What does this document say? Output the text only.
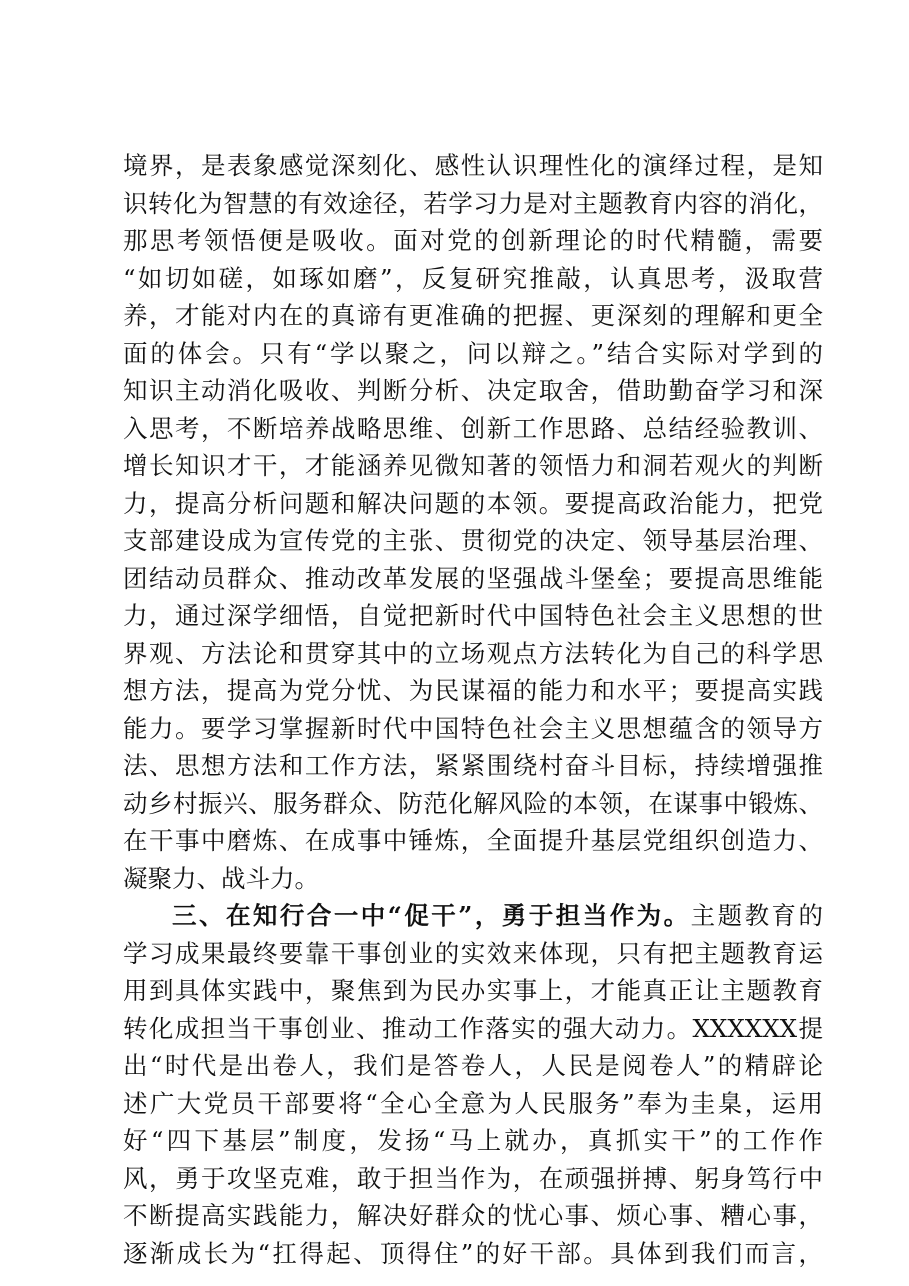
境界，是表象感觉深刻化、感性认识理性化的演绎过程，是知
识转化为智慧的有效途径，若学习力是对主题教育内容的消化，
那思考领悟便是吸收。面对党的创新理论的时代精髓，需要
“如切如磋，如琢如磨”，反复研究推敲，认真思考，汲取营
养，才能对内在的真谛有更准确的把握、更深刻的理解和更全
面的体会。只有“学以聚之，问以辩之。”结合实际对学到的
知识主动消化吸收、判断分析、决定取舍，借助勤奋学习和深
入思考，不断培养战略思维、创新工作思路、总结经验教训、
增长知识才干，才能涵养见微知著的领悟力和洞若观火的判断
力，提高分析问题和解决问题的本领。要提高政治能力，把党
支部建设成为宣传党的主张、贯彻党的决定、领导基层治理、
团结动员群众、推动改革发展的坚强战斗堡垒；要提高思维能
力，通过深学细悟，自觉把新时代中国特色社会主义思想的世
界观、方法论和贯穿其中的立场观点方法转化为自己的科学思
想方法，提高为党分忧、为民谋福的能力和水平；要提高实践
能力。要学习掌握新时代中国特色社会主义思想蕴含的领导方
法、思想方法和工作方法，紧紧围绕村奋斗目标，持续增强推
动乡村振兴、服务群众、防范化解风险的本领，在谋事中锻炼、
在干事中磨炼、在成事中锤炼，全面提升基层党组织创造力、
凝聚力、战斗力。
三、在知行合一中“促干”，勇于担当作为。主题教育的
学习成果最终要靠干事创业的实效来体现，只有把主题教育运
用到具体实践中，聚焦到为民办实事上，才能真正让主题教育
转化成担当干事创业、推动工作落实的强大动力。XXXXXX提
出“时代是出卷人，我们是答卷人，人民是阅卷人”的精辟论
述广大党员干部要将“全心全意为人民服务”奉为圭臬，运用
好“四下基层”制度，发扬“马上就办，真抓实干”的工作作
风，勇于攻坚克难，敢于担当作为，在顽强拼搏、躬身笃行中
不断提高实践能力，解决好群众的忧心事、烦心事、糟心事，
逐渐成长为“扛得起、顶得住”的好干部。具体到我们而言，
